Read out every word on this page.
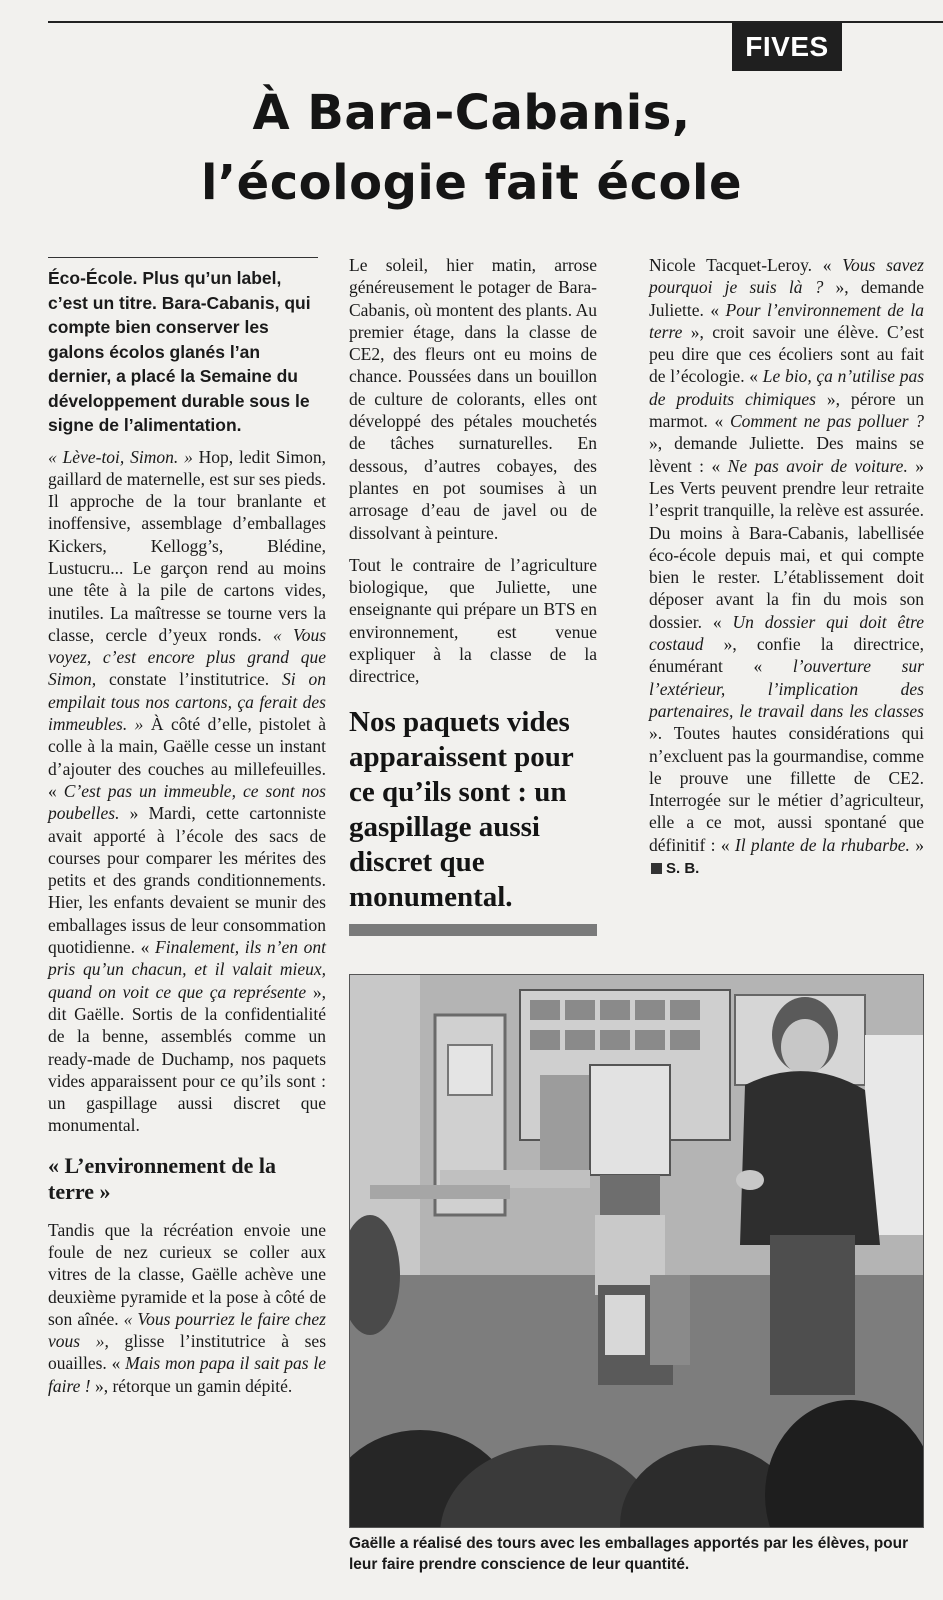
FIVES
À Bara-Cabanis,
l’écologie fait école

Éco-École. Plus qu’un label, c’est un titre. Bara-Cabanis, qui compte bien conserver les galons écolos glanés l’an dernier, a placé la Semaine du développement durable sous le signe de l’alimentation.

« Lève-toi, Simon. » Hop, ledit Simon, gaillard de maternelle, est sur ses pieds. Il approche de la tour branlante et inoffensive, assemblage d’emballages Kickers, Kellogg’s, Blédine, Lustucru... Le garçon rend au moins une tête à la pile de cartons vides, inutiles. La maîtresse se tourne vers la classe, cercle d’yeux ronds. « Vous voyez, c’est encore plus grand que Simon, constate l’institutrice. Si on empilait tous nos cartons, ça ferait des immeubles. » À côté d’elle, pistolet à colle à la main, Gaëlle cesse un instant d’ajouter des couches au millefeuilles. « C’est pas un immeuble, ce sont nos poubelles. » Mardi, cette cartonniste avait apporté à l’école des sacs de courses pour comparer les mérites des petits et des grands conditionnements. Hier, les enfants devaient se munir des emballages issus de leur consommation quotidienne. « Finalement, ils n’en ont pris qu’un chacun, et il valait mieux, quand on voit ce que ça représente », dit Gaëlle. Sortis de la confidentialité de la benne, assemblés comme un ready-made de Duchamp, nos paquets vides apparaissent pour ce qu’ils sont : un gaspillage aussi discret que monumental.

« L’environnement de la terre »

Tandis que la récréation envoie une foule de nez curieux se coller aux vitres de la classe, Gaëlle achève une deuxième pyramide et la pose à côté de son aînée. « Vous pourriez le faire chez vous », glisse l’institutrice à ses ouailles. « Mais mon papa il sait pas le faire ! », rétorque un gamin dépité.

Le soleil, hier matin, arrose généreusement le potager de Bara-Cabanis, où montent des plants. Au premier étage, dans la classe de CE2, des fleurs ont eu moins de chance. Poussées dans un bouillon de culture de colorants, elles ont développé des pétales mouchetés de tâches surnaturelles. En dessous, d’autres cobayes, des plantes en pot soumises à un arrosage d’eau de javel ou de dissolvant à peinture.

Tout le contraire de l’agriculture biologique, que Juliette, une enseignante qui prépare un BTS en environnement, est venue expliquer à la classe de la directrice,

Nos paquets vides apparaissent pour ce qu’ils sont : un gaspillage aussi discret que monumental.

Nicole Tacquet-Leroy. « Vous savez pourquoi je suis là ? », demande Juliette. « Pour l’environnement de la terre », croit savoir une élève. C’est peu dire que ces écoliers sont au fait de l’écologie. « Le bio, ça n’utilise pas de produits chimiques », pérore un marmot. « Comment ne pas polluer ? », demande Juliette. Des mains se lèvent : « Ne pas avoir de voiture. » Les Verts peuvent prendre leur retraite l’esprit tranquille, la relève est assurée. Du moins à Bara-Cabanis, labellisée éco-école depuis mai, et qui compte bien le rester. L’établissement doit déposer avant la fin du mois son dossier. « Un dossier qui doit être costaud », confie la directrice, énumérant « l’ouverture sur l’extérieur, l’implication des partenaires, le travail dans les classes ». Toutes hautes considérations qui n’excluent pas la gourmandise, comme le prouve une fillette de CE2. Interrogée sur le métier d’agriculteur, elle a ce mot, aussi spontané que définitif : « Il plante de la rhubarbe. » S. B.

Gaëlle a réalisé des tours avec les emballages apportés par les élèves, pour leur faire prendre conscience de leur quantité.
